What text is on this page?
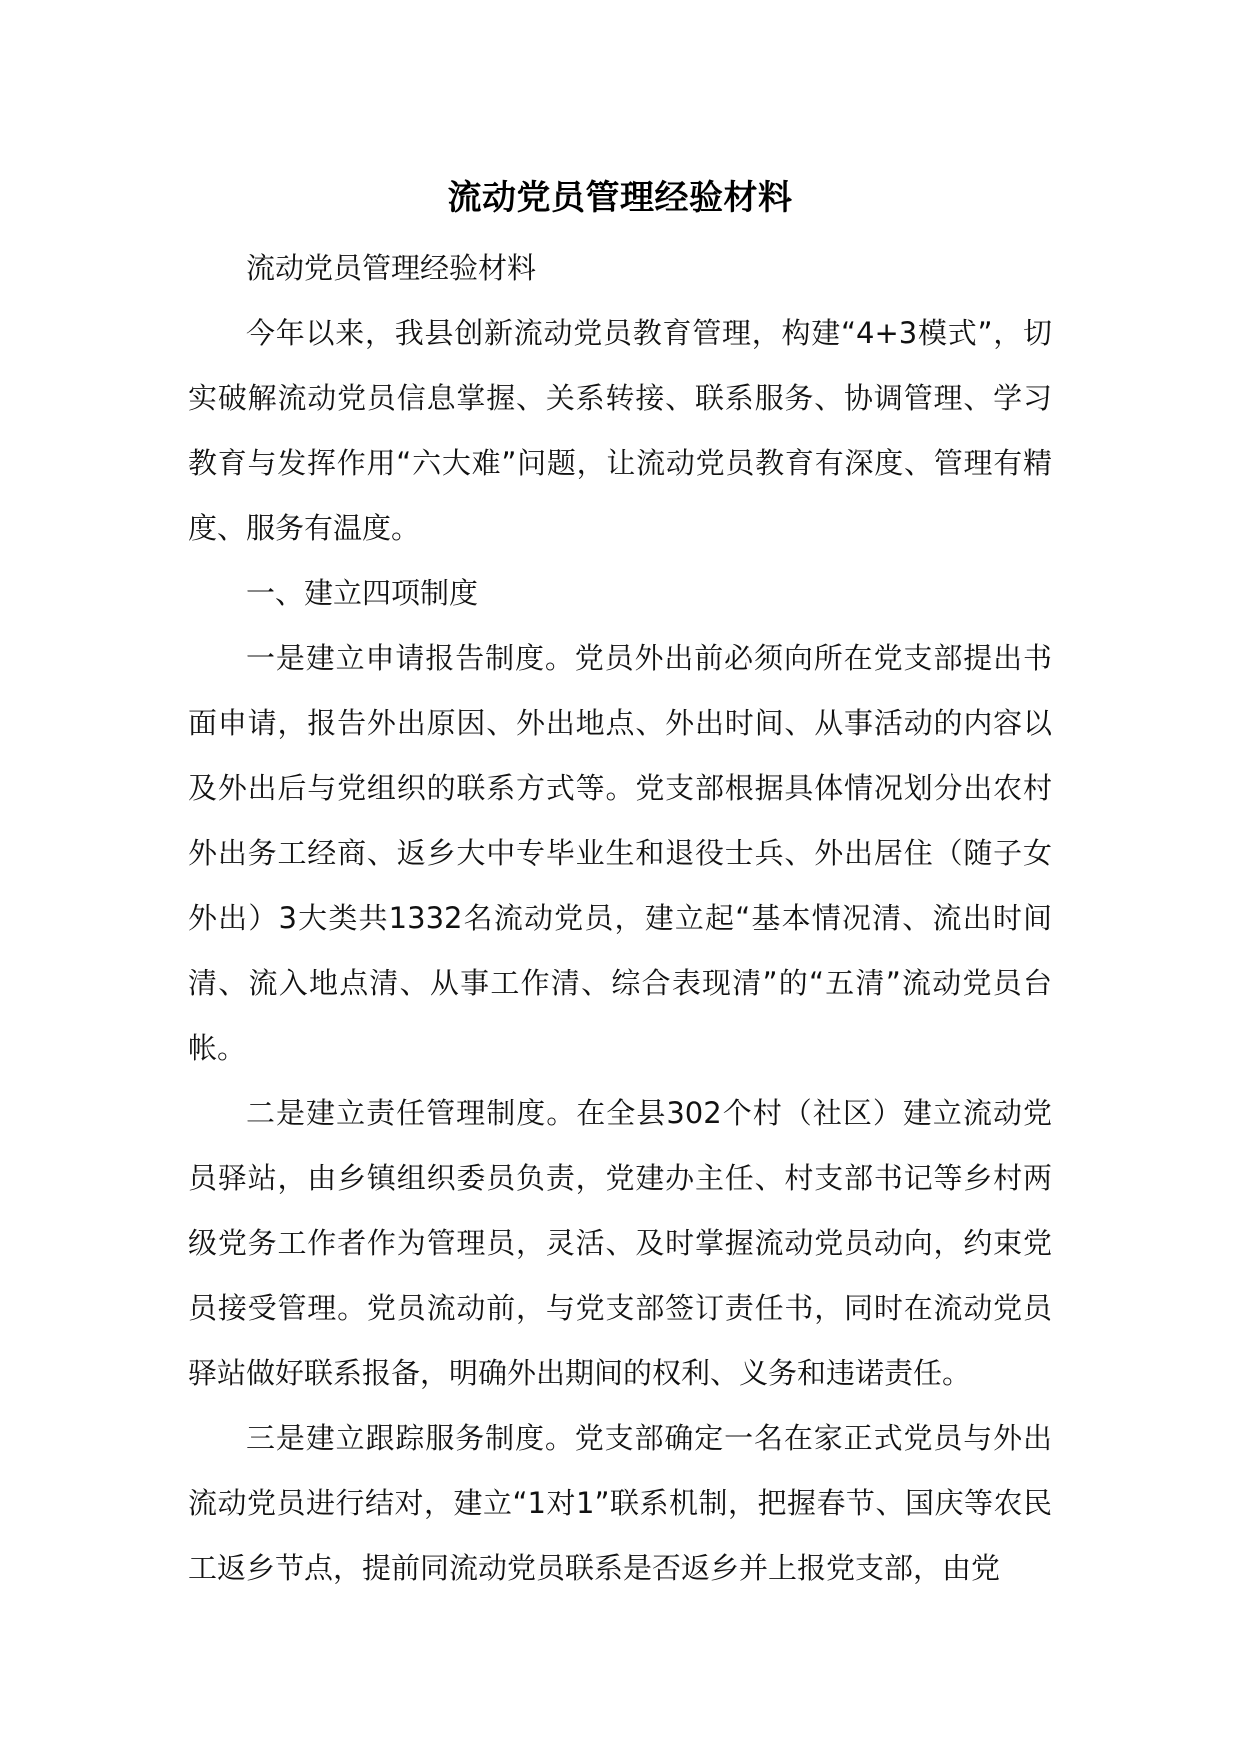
流动党员管理经验材料

流动党员管理经验材料

今年以来，我县创新流动党员教育管理，构建“4+3模式”，切实破解流动党员信息掌握、关系转接、联系服务、协调管理、学习教育与发挥作用“六大难”问题，让流动党员教育有深度、管理有精度、服务有温度。

一、建立四项制度

一是建立申请报告制度。党员外出前必须向所在党支部提出书面申请，报告外出原因、外出地点、外出时间、从事活动的内容以及外出后与党组织的联系方式等。党支部根据具体情况划分出农村外出务工经商、返乡大中专毕业生和退役士兵、外出居住（随子女外出）3大类共1332名流动党员，建立起“基本情况清、流出时间清、流入地点清、从事工作清、综合表现清”的“五清”流动党员台帐。

二是建立责任管理制度。在全县302个村（社区）建立流动党员驿站，由乡镇组织委员负责，党建办主任、村支部书记等乡村两级党务工作者作为管理员，灵活、及时掌握流动党员动向，约束党员接受管理。党员流动前，与党支部签订责任书，同时在流动党员驿站做好联系报备，明确外出期间的权利、义务和违诺责任。

三是建立跟踪服务制度。党支部确定一名在家正式党员与外出流动党员进行结对，建立“1对1”联系机制，把握春节、国庆等农民工返乡节点，提前同流动党员联系是否返乡并上报党支部，由党
